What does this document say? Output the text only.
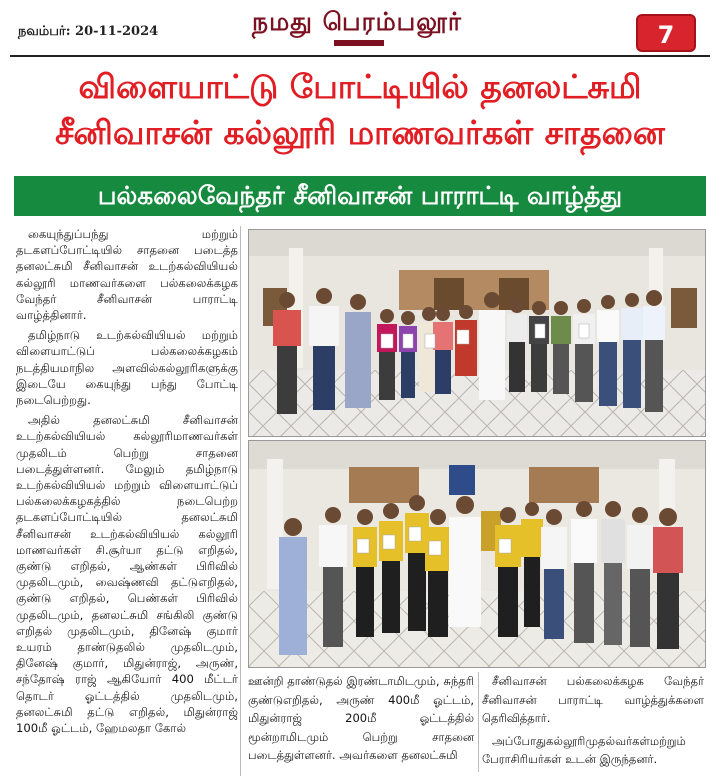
நவம்பர்: 20-11-2024	நமது பெரம்பலூர்	7
விளையாட்டு போட்டியில் தனலட்சுமி
சீனிவாசன் கல்லூரி மாணவர்கள் சாதனை
பல்கலைவேந்தர் சீனிவாசன் பாராட்டி வாழ்த்து

கையுந்துப்பந்து மற்றும் தடகளப்போட்டியில் சாதனை படைத்த தனலட்சுமி சீனிவாசன் உடற்கல்வியியல் கல்லூரி மாணவர்களை பல்கலைக்கழக வேந்தர் சீனிவாசன் பாராட்டி வாழ்த்தினார்.

தமிழ்நாடு உடற்கல்வியியல் மற்றும் விளையாட்டுப் பல்கலைக்கழகம் நடத்தியமாநில அளவில்கல்லூரிகளுக்கு இடையே கையுந்து பந்து போட்டி நடைபெற்றது.

அதில் தனலட்சுமி சீனிவாசன் உடற்கல்வியியல் கல்லூரிமாணவர்கள் முதலிடம் பெற்று சாதனை படைத்துள்ளனர். மேலும் தமிழ்நாடு உடற்கல்வியியல் மற்றும் விளையாட்டுப் பல்கலைக்கழகத்தில் நடைபெற்ற தடகளப்போட்டியில் தனலட்சுமி சீனிவாசன் உடற்கல்வியியல் கல்லூரி மாணவர்கள் சி.சூர்யா தட்டு எறிதல், குண்டு எறிதல், ஆண்கள் பிரிவில் முதலிடமும், வைஷ்ணவி தட்டுஎறிதல், குண்டு எறிதல், பெண்கள் பிரிவில் முதலிடமும், தனலட்சுமி சங்கிலி குண்டு எறிதல் முதலிடமும், தினேஷ் குமார் உயரம் தாண்டுதலில் முதலிடமும், தினேஷ் குமார், மிதுன்ராஜ், அருண், சந்தோஷ் ராஜ் ஆகியோர் 400 மீட்டர் தொடர் ஓட்டத்தில் முதலிடமும், தனலட்சுமி தட்டு எறிதல், மிதுன்ராஜ் 100மீ ஓட்டம், ஹேமலதா கோல்

ஊன்றி தாண்டுதல் இரண்டாமிடமும், சுந்தரி குண்டுஎறிதல், அருண் 400மீ ஓட்டம், மிதுன்ராஜ் 200மீ ஓட்டத்தில் மூன்றாமிடமும் பெற்று சாதனை படைத்துள்ளனர். அவர்களை தனலட்சுமி

சீனிவாசன் பல்கலைக்கழக வேந்தர் சீனிவாசன் பாராட்டி வாழ்த்துக்களை தெரிவித்தார்.

அப்போதுகல்லூரிமுதல்வர்கள்மற்றும் பேராசிரியர்கள் உடன் இருந்தனர்.
